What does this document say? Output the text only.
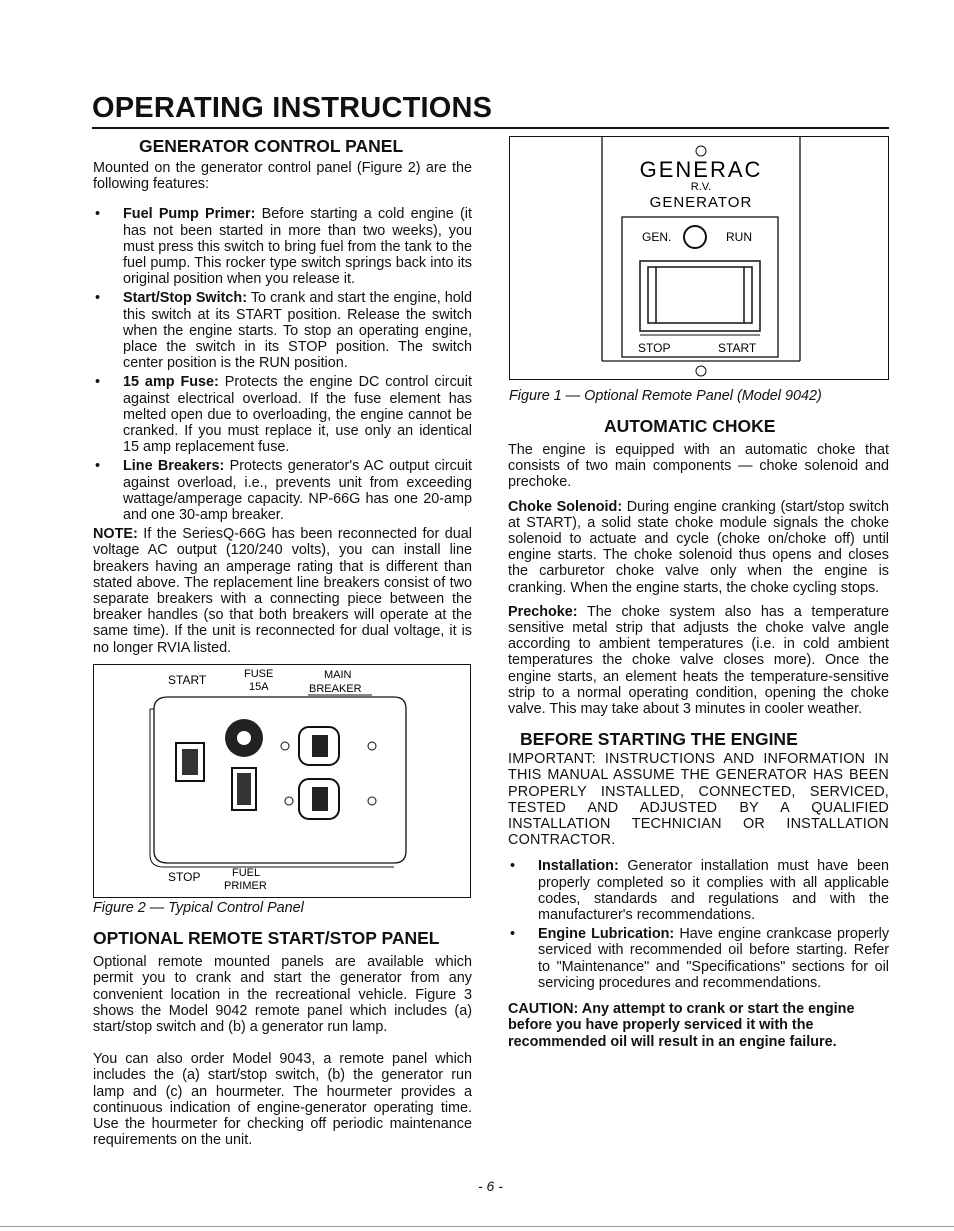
OPERATING INSTRUCTIONS
GENERATOR CONTROL PANEL

Mounted on the generator control panel (Figure 2) are the following features:

• Fuel Pump Primer: Before starting a cold engine (it has not been started in more than two weeks), you must press this switch to bring fuel from the tank to the fuel pump. This rocker type switch springs back into its original position when you release it.
• Start/Stop Switch: To crank and start the engine, hold this switch at its START position. Release the switch when the engine starts. To stop an operating engine, place the switch in its STOP position. The switch center position is the RUN position.
• 15 amp Fuse: Protects the engine DC control circuit against electrical overload. If the fuse element has melted open due to overloading, the engine cannot be cranked. If you must replace it, use only an identical 15 amp replacement fuse.
• Line Breakers: Protects generator's AC output circuit against overload, i.e., prevents unit from exceeding wattage/amperage capacity. NP-66G has one 20-amp and one 30-amp breaker.

NOTE: If the SeriesQ-66G has been reconnected for dual voltage AC output (120/240 volts), you can install line breakers having an amperage rating that is different than stated above. The replacement line breakers consist of two separate breakers with a connecting piece between the breaker handles (so that both breakers will operate at the same time). If the unit is reconnected for dual voltage, it is no longer RVIA listed.

START	FUSE
15A
MAIN
BREAKER
STOP	FUEL
PRIMER
Figure 2 — Typical Control Panel
OPTIONAL REMOTE START/STOP PANEL

Optional remote mounted panels are available which permit you to crank and start the generator from any convenient location in the recreational vehicle. Figure 3 shows the Model 9042 remote panel which includes (a) start/stop switch and (b) a generator run lamp.

You can also order Model 9043, a remote panel which includes the (a) start/stop switch, (b) the generator run lamp and (c) an hourmeter. The hourmeter provides a continuous indication of engine-generator operating time. Use the hourmeter for checking off periodic maintenance requirements on the unit.

GENERAC
R.V.
GENERATOR
GEN.	RUN
STOP	START
Figure 1 — Optional Remote Panel (Model 9042)
AUTOMATIC CHOKE

The engine is equipped with an automatic choke that consists of two main components — choke solenoid and prechoke.

Choke Solenoid: During engine cranking (start/stop switch at START), a solid state choke module signals the choke solenoid to actuate and cycle (choke on/choke off) until engine starts. The choke solenoid thus opens and closes the carburetor choke valve only when the engine is cranking. When the engine starts, the choke cycling stops.

Prechoke: The choke system also has a temperature sensitive metal strip that adjusts the choke valve angle according to ambient temperatures (i.e. in cold ambient temperatures the choke valve closes more). Once the engine starts, an element heats the temperature-sensitive strip to a normal operating condition, opening the choke valve. This may take about 3 minutes in cooler weather.

BEFORE STARTING THE ENGINE

IMPORTANT: INSTRUCTIONS AND INFORMATION IN THIS MANUAL ASSUME THE GENERATOR HAS BEEN PROPERLY INSTALLED, CONNECTED, SERVICED, TESTED AND ADJUSTED BY A QUALIFIED INSTALLATION TECHNICIAN OR INSTALLATION CONTRACTOR.

• Installation: Generator installation must have been properly completed so it complies with all applicable codes, standards and regulations and with the manufacturer's recommendations.
• Engine Lubrication: Have engine crankcase properly serviced with recommended oil before starting. Refer to "Maintenance" and "Specifications" sections for oil servicing procedures and recommendations.

CAUTION: Any attempt to crank or start the engine before you have properly serviced it with the recommended oil will result in an engine failure.

- 6 -
